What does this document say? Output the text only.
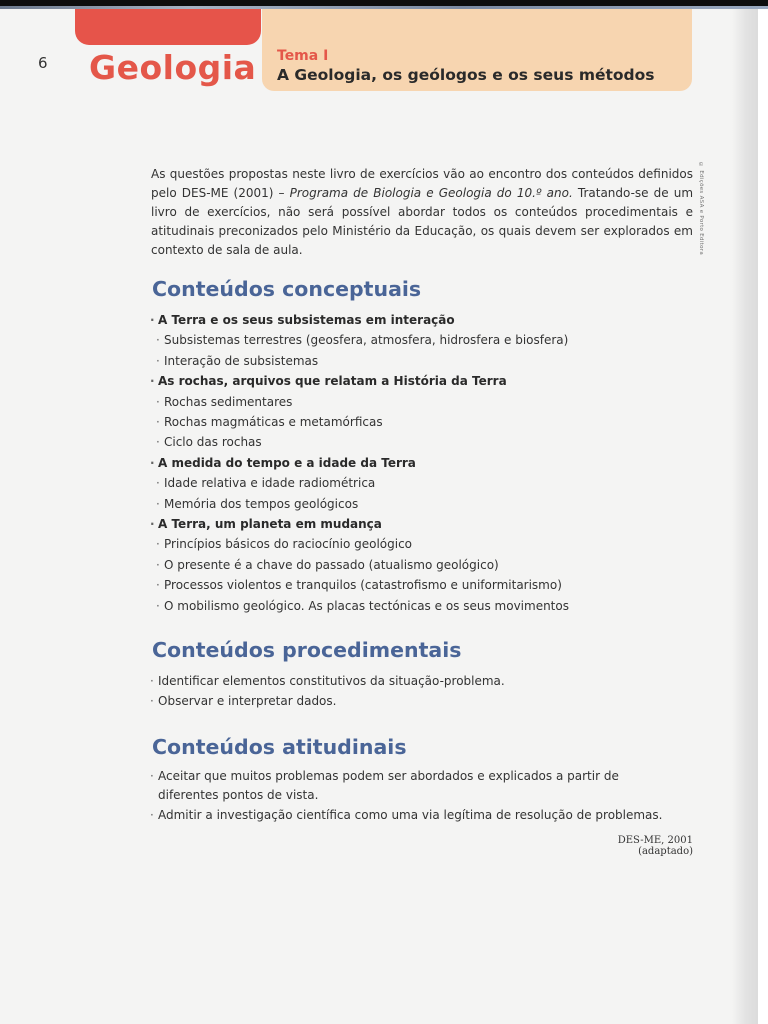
6 Geologia Tema I
A Geologia, os geólogos e os seus métodos
© Edições ASA e Porto Editora

As questões propostas neste livro de exercícios vão ao encontro dos conteúdos definidos pelo DES-ME (2001) – Programa de Biologia e Geologia do 10.º ano. Tratando-se de um livro de exercícios, não será possível abordar todos os conteúdos procedimentais e atitudinais preconizados pelo Ministério da Educação, os quais devem ser explorados em contexto de sala de aula.

Conteúdos conceptuais
· A Terra e os seus subsistemas em interação
· Subsistemas terrestres (geosfera, atmosfera, hidrosfera e biosfera)
· Interação de subsistemas
· As rochas, arquivos que relatam a História da Terra
· Rochas sedimentares
· Rochas magmáticas e metamórficas
· Ciclo das rochas
· A medida do tempo e a idade da Terra
· Idade relativa e idade radiométrica
· Memória dos tempos geológicos
· A Terra, um planeta em mudança
· Princípios básicos do raciocínio geológico
· O presente é a chave do passado (atualismo geológico)
· Processos violentos e tranquilos (catastrofismo e uniformitarismo)
· O mobilismo geológico. As placas tectónicas e os seus movimentos
Conteúdos procedimentais
· Identificar elementos constitutivos da situação-problema.
· Observar e interpretar dados.
Conteúdos atitudinais
· Aceitar que muitos problemas podem ser abordados e explicados a partir de diferentes pontos de vista.
· Admitir a investigação científica como uma via legítima de resolução de problemas.
DES-ME, 2001 (adaptado)
